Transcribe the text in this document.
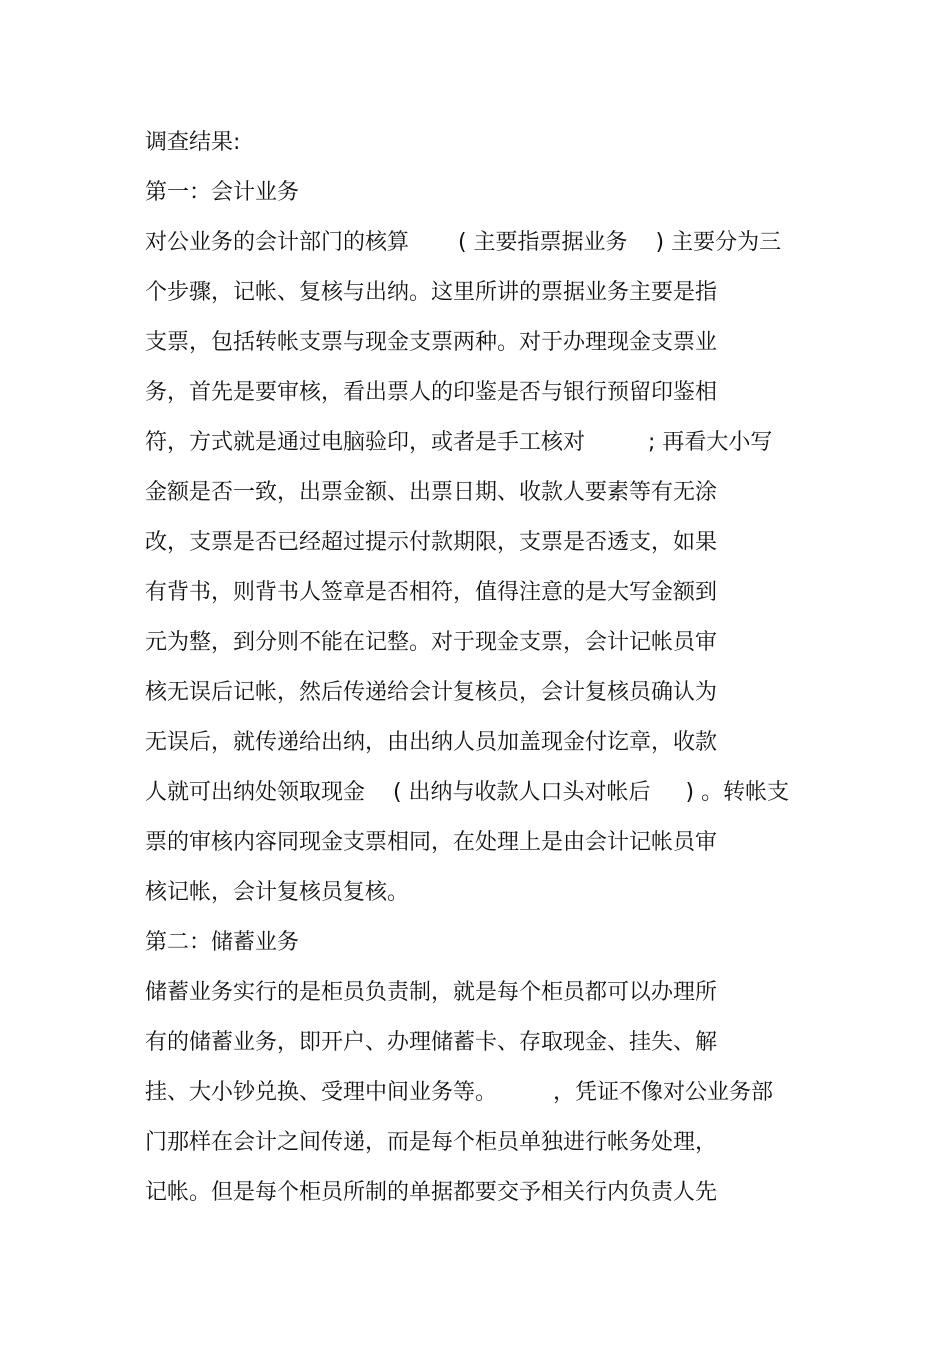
调查结果:
第一：会计业务
对公业务的会计部门的核算       ( 主要指票据业务    ) 主要分为三
个步骤，记帐、复核与出纳。这里所讲的票据业务主要是指
支票，包括转帐支票与现金支票两种。对于办理现金支票业
务，首先是要审核，看出票人的印鉴是否与银行预留印鉴相
符，方式就是通过电脑验印，或者是手工核对         ; 再看大小写
金额是否一致，出票金额、出票日期、收款人要素等有无涂
改，支票是否已经超过提示付款期限，支票是否透支，如果
有背书，则背书人签章是否相符，值得注意的是大写金额到
元为整，到分则不能在记整。对于现金支票，会计记帐员审
核无误后记帐，然后传递给会计复核员，会计复核员确认为
无误后，就传递给出纳，由出纳人员加盖现金付讫章，收款
人就可出纳处领取现金    ( 出纳与收款人口头对帐后     ) 。转帐支
票的审核内容同现金支票相同，在处理上是由会计记帐员审
核记帐，会计复核员复核。
第二：储蓄业务
储蓄业务实行的是柜员负责制，就是每个柜员都可以办理所
有的储蓄业务，即开户、办理储蓄卡、存取现金、挂失、解
挂、大小钞兑换、受理中间业务等。        ，凭证不像对公业务部
门那样在会计之间传递，而是每个柜员单独进行帐务处理，
记帐。但是每个柜员所制的单据都要交予相关行内负责人先
